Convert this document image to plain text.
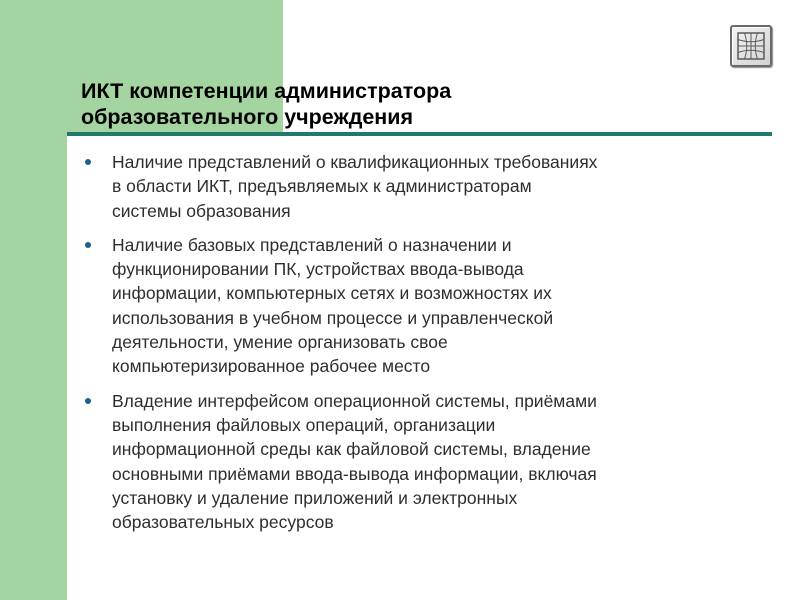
ИКТ компетенции администратора
образовательного учреждения
Наличие представлений о квалификационных требованиях
в области ИКТ, предъявляемых к администраторам
системы образования
Наличие базовых представлений о назначении и
функционировании ПК, устройствах ввода-вывода
информации, компьютерных сетях и возможностях их
использования в учебном процессе и управленческой
деятельности, умение организовать свое
компьютеризированное рабочее место
Владение интерфейсом операционной системы, приёмами
выполнения файловых операций, организации
информационной среды как файловой системы, владение
основными приёмами ввода-вывода информации, включая
установку и удаление приложений и электронных
образовательных ресурсов
